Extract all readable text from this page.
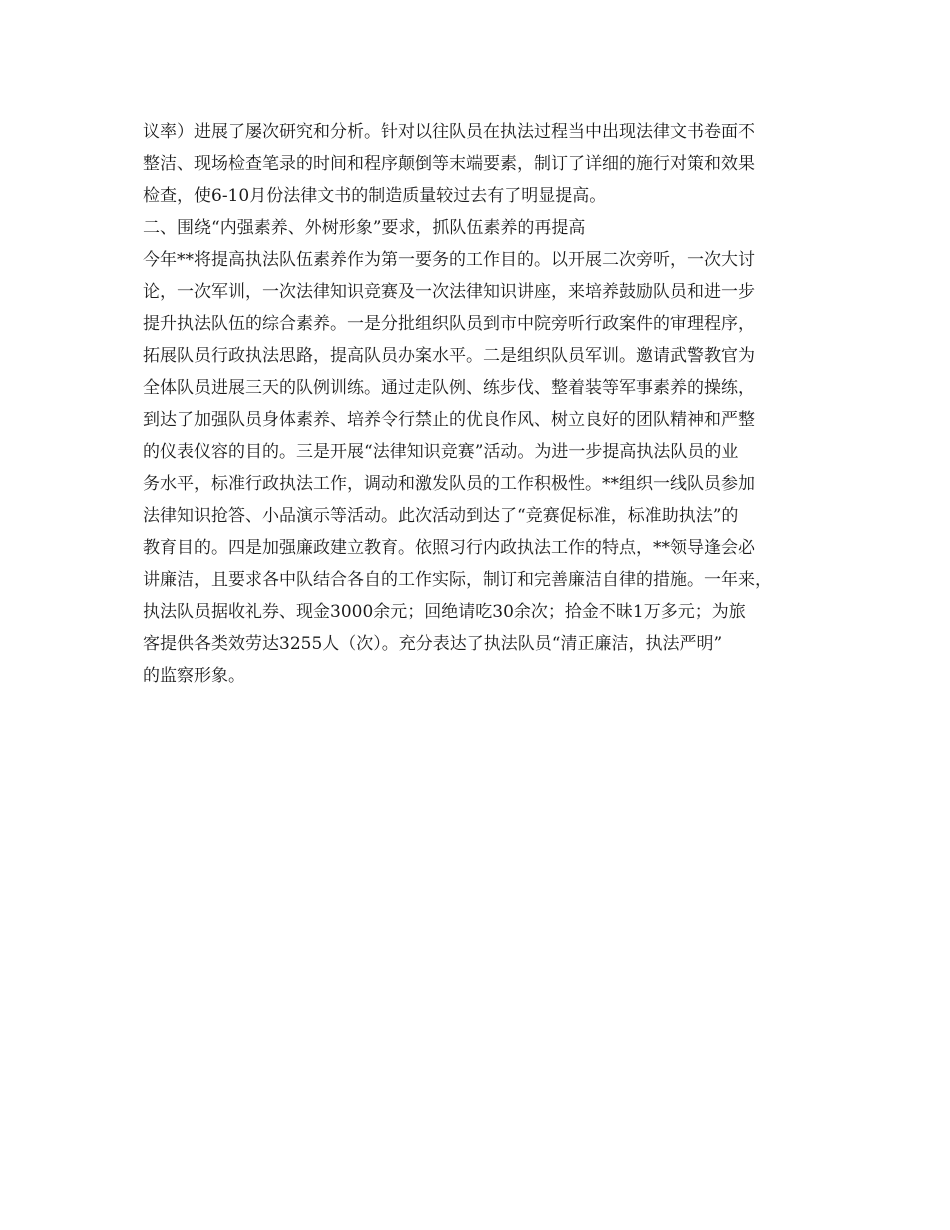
议率）进展了屡次研究和分析。针对以往队员在执法过程当中出现法律文书卷面不
整洁、现场检查笔录的时间和程序颠倒等末端要素，制订了详细的施行对策和效果
检查，使6-10月份法律文书的制造质量较过去有了明显提高。
二、围绕“内强素养、外树形象”要求，抓队伍素养的再提高
今年**将提高执法队伍素养作为第一要务的工作目的。以开展二次旁听，一次大讨
论，一次军训，一次法律知识竞赛及一次法律知识讲座，来培养鼓励队员和进一步
提升执法队伍的综合素养。一是分批组织队员到市中院旁听行政案件的审理程序，
拓展队员行政执法思路，提高队员办案水平。二是组织队员军训。邀请武警教官为
全体队员进展三天的队例训练。通过走队例、练步伐、整着装等军事素养的操练，
到达了加强队员身体素养、培养令行禁止的优良作风、树立良好的团队精神和严整
的仪表仪容的目的。三是开展“法律知识竞赛”活动。为进一步提高执法队员的业
务水平，标准行政执法工作，调动和激发队员的工作积极性。**组织一线队员参加
法律知识抢答、小品演示等活动。此次活动到达了“竞赛促标准，标准助执法”的
教育目的。四是加强廉政建立教育。依照习行内政执法工作的特点，**领导逢会必
讲廉洁，且要求各中队结合各自的工作实际，制订和完善廉洁自律的措施。一年来，
执法队员据收礼券、现金3000余元；回绝请吃30余次；拾金不昧1万多元；为旅
客提供各类效劳达3255人（次）。充分表达了执法队员“清正廉洁，执法严明”
的监察形象。
